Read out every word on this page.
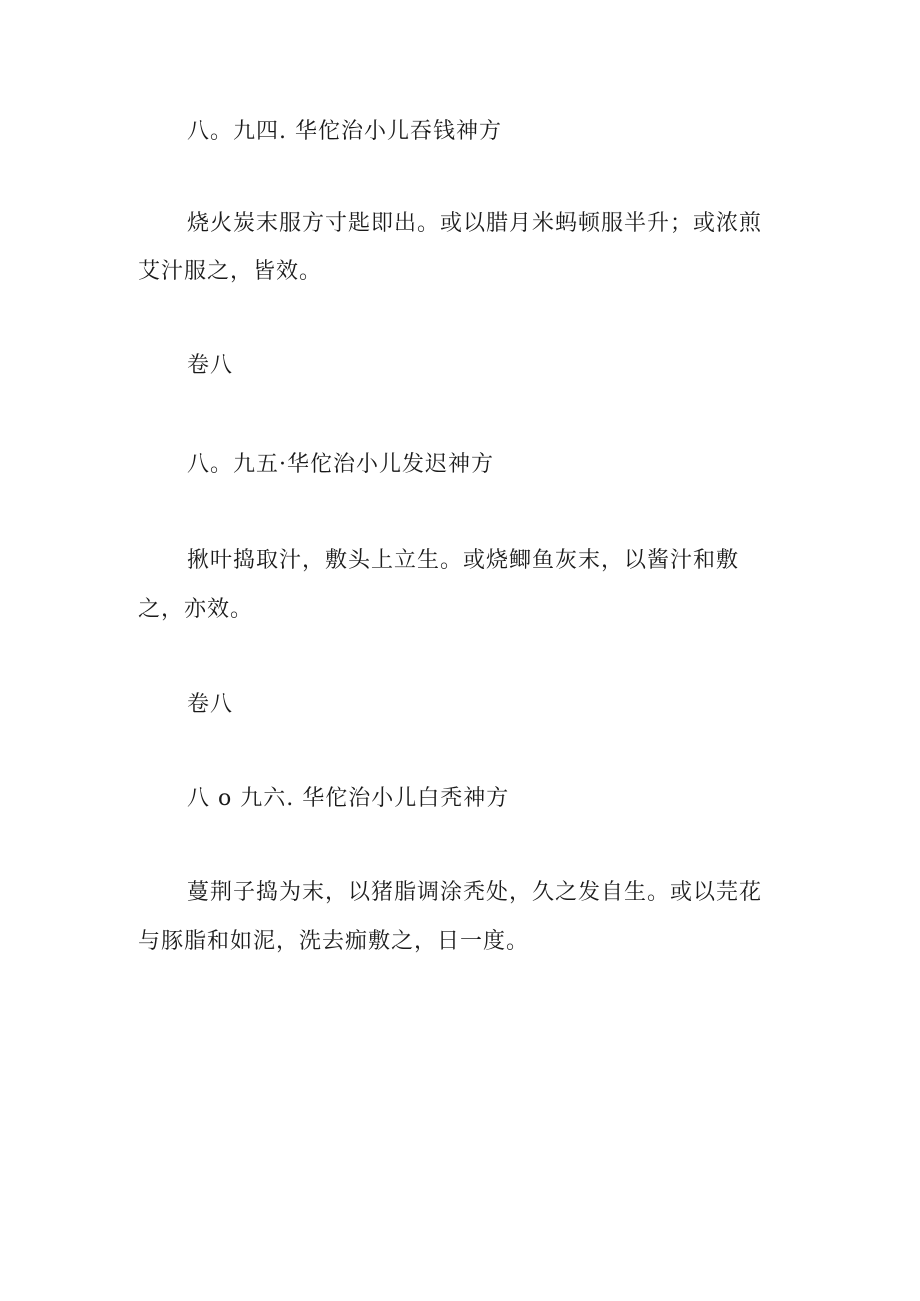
八。九四. 华佗治小儿吞钱神方
烧火炭末服方寸匙即出。或以腊月米蚂顿服半升；或浓煎
艾汁服之，皆效。
卷八
八。九五·华佗治小儿发迟神方
揪叶捣取汁，敷头上立生。或烧鲫鱼灰末，以酱汁和敷
之，亦效。
卷八
八 o 九六. 华佗治小儿白秃神方
蔓荆子捣为末，以猪脂调涂秃处，久之发自生。或以芫花
与豚脂和如泥，洗去痂敷之，日一度。
